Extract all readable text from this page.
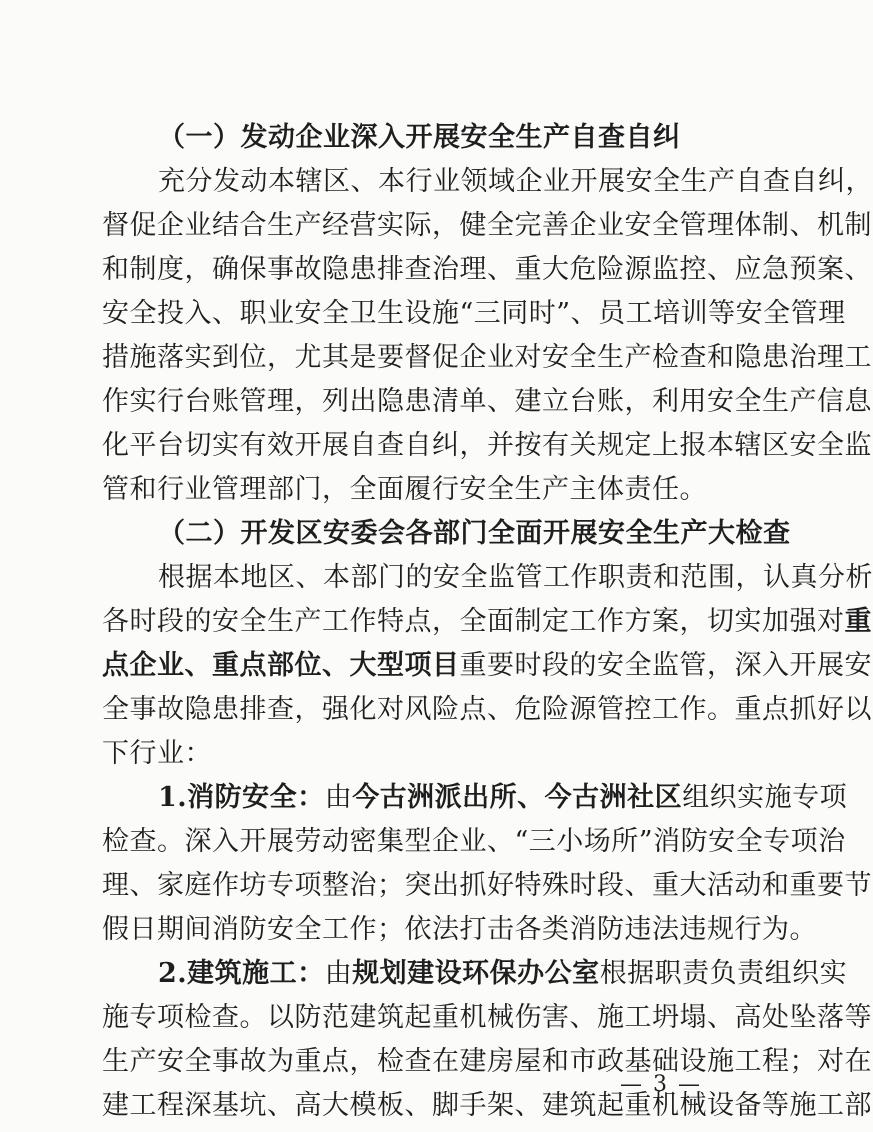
（一）发动企业深入开展安全生产自查自纠
充分发动本辖区、本行业领域企业开展安全生产自查自纠，
督促企业结合生产经营实际，健全完善企业安全管理体制、机制
和制度，确保事故隐患排查治理、重大危险源监控、应急预案、
安全投入、职业安全卫生设施“三同时”、员工培训等安全管理
措施落实到位，尤其是要督促企业对安全生产检查和隐患治理工
作实行台账管理，列出隐患清单、建立台账，利用安全生产信息
化平台切实有效开展自查自纠，并按有关规定上报本辖区安全监
管和行业管理部门，全面履行安全生产主体责任。
（二）开发区安委会各部门全面开展安全生产大检查
根据本地区、本部门的安全监管工作职责和范围，认真分析
各时段的安全生产工作特点，全面制定工作方案，切实加强对重
点企业、重点部位、大型项目重要时段的安全监管，深入开展安
全事故隐患排查，强化对风险点、危险源管控工作。重点抓好以
下行业：
1.消防安全：由今古洲派出所、今古洲社区组织实施专项
检查。深入开展劳动密集型企业、“三小场所”消防安全专项治
理、家庭作坊专项整治；突出抓好特殊时段、重大活动和重要节
假日期间消防安全工作；依法打击各类消防违法违规行为。
2.建筑施工：由规划建设环保办公室根据职责负责组织实
施专项检查。以防范建筑起重机械伤害、施工坍塌、高处坠落等
生产安全事故为重点，检查在建房屋和市政基础设施工程；对在
建工程深基坑、高大模板、脚手架、建筑起重机械设备等施工部
— 3 —
